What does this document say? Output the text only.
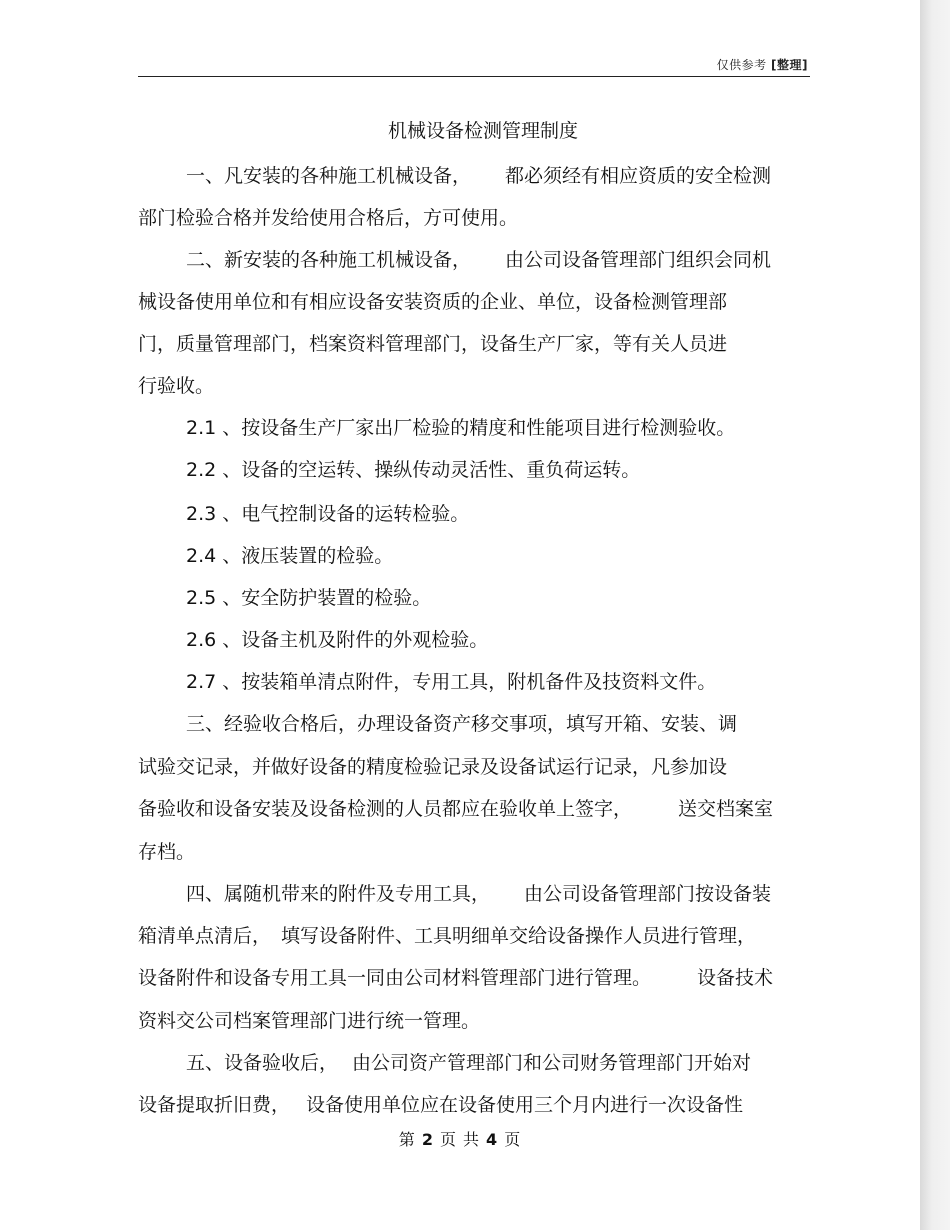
仅供参考 [整理]
机械设备检测管理制度
一、凡安装的各种施工机械设备， 都必须经有相应资质的安全检测
部门检验合格并发给使用合格后，方可使用。
二、新安装的各种施工机械设备， 由公司设备管理部门组织会同机
械设备使用单位和有相应设备安装资质的企业、单位，设备检测管理部
门，质量管理部门，档案资料管理部门，设备生产厂家，等有关人员进
行验收。
2.1 、按设备生产厂家出厂检验的精度和性能项目进行检测验收。
2.2 、设备的空运转、操纵传动灵活性、重负荷运转。
2.3 、电气控制设备的运转检验。
2.4 、液压装置的检验。
2.5 、安全防护装置的检验。
2.6 、设备主机及附件的外观检验。
2.7 、按装箱单清点附件，专用工具，附机备件及技资料文件。
三、经验收合格后，办理设备资产移交事项，填写开箱、安装、调
试验交记录，并做好设备的精度检验记录及设备试运行记录，凡参加设
备验收和设备安装及设备检测的人员都应在验收单上签字， 送交档案室
存档。
四、属随机带来的附件及专用工具， 由公司设备管理部门按设备装
箱清单点清后， 填写设备附件、工具明细单交给设备操作人员进行管理，
设备附件和设备专用工具一同由公司材料管理部门进行管理。 设备技术
资料交公司档案管理部门进行统一管理。
五、设备验收后， 由公司资产管理部门和公司财务管理部门开始对
设备提取折旧费， 设备使用单位应在设备使用三个月内进行一次设备性
第 2 页 共 4 页
